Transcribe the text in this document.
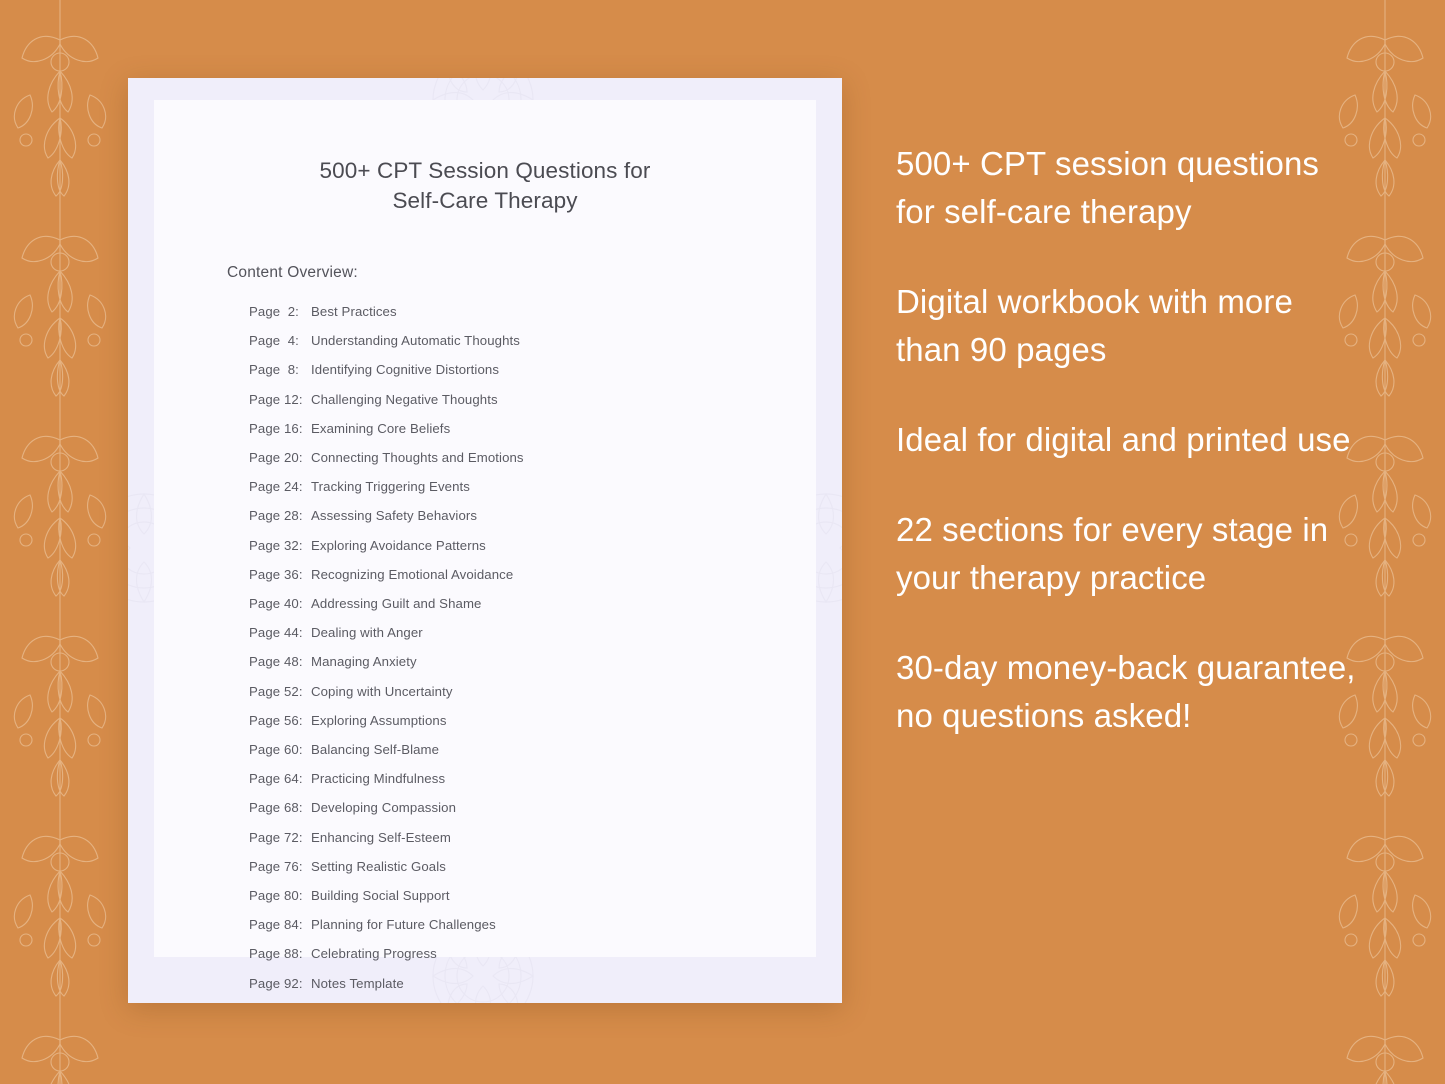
500+ CPT Session Questions for
Self-Care Therapy
Content Overview:
Page  2: Best Practices
Page  4: Understanding Automatic Thoughts
Page  8: Identifying Cognitive Distortions
Page 12: Challenging Negative Thoughts
Page 16: Examining Core Beliefs
Page 20: Connecting Thoughts and Emotions
Page 24: Tracking Triggering Events
Page 28: Assessing Safety Behaviors
Page 32: Exploring Avoidance Patterns
Page 36: Recognizing Emotional Avoidance
Page 40: Addressing Guilt and Shame
Page 44: Dealing with Anger
Page 48: Managing Anxiety
Page 52: Coping with Uncertainty
Page 56: Exploring Assumptions
Page 60: Balancing Self-Blame
Page 64: Practicing Mindfulness
Page 68: Developing Compassion
Page 72: Enhancing Self-Esteem
Page 76: Setting Realistic Goals
Page 80: Building Social Support
Page 84: Planning for Future Challenges
Page 88: Celebrating Progress
Page 92: Notes Template
500+ CPT session questions for self-care therapy
Digital workbook with more than 90 pages
Ideal for digital and printed use
22 sections for every stage in your therapy practice
30-day money-back guarantee, no questions asked!
